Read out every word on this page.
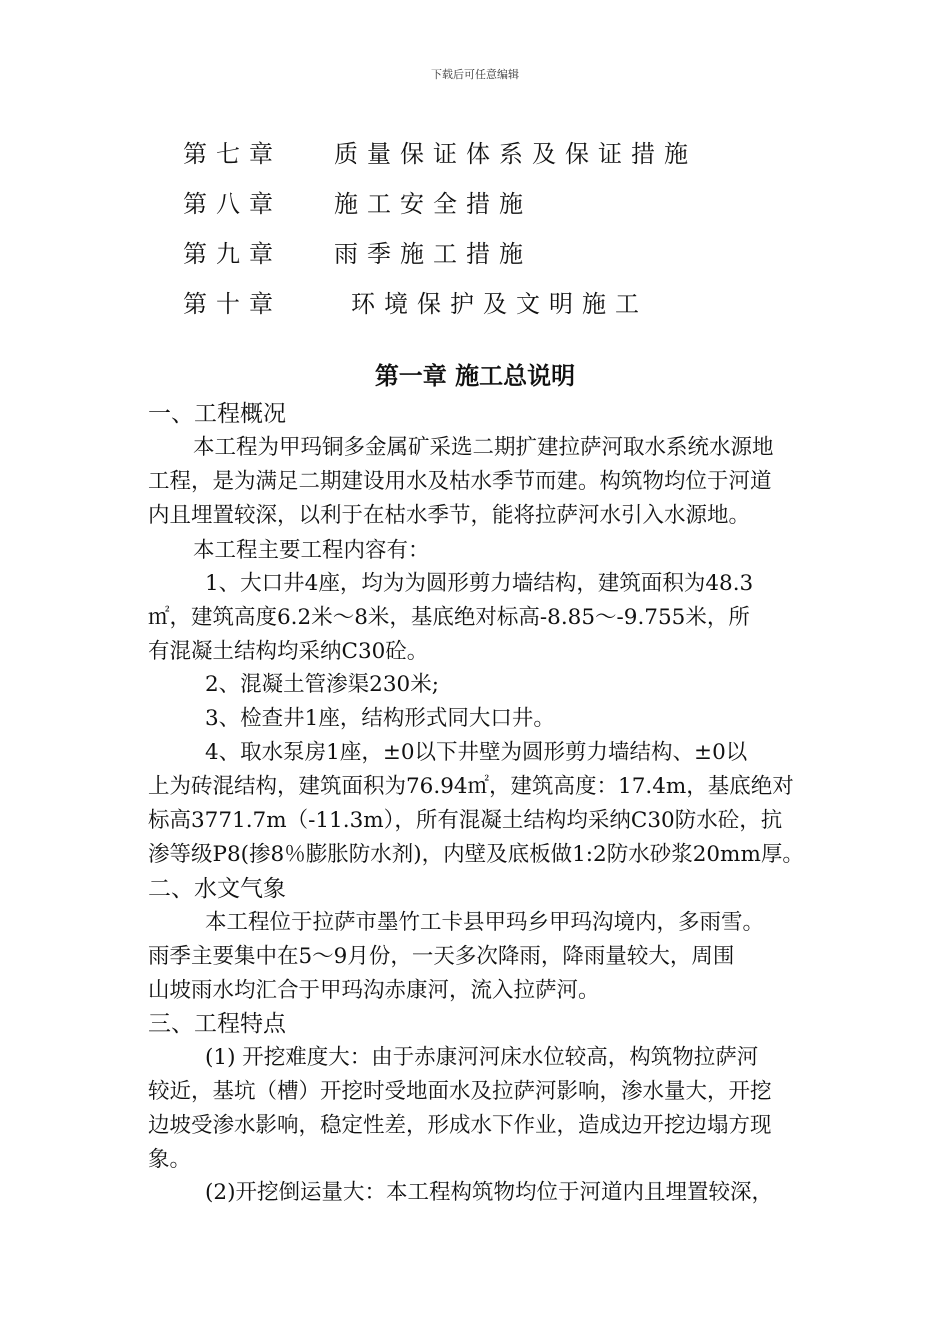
下载后可任意编辑
第七章 质量保证体系及保证措施
第八章 施工安全措施
第九章 雨季施工措施
第十章	环境保护及文明施工
第一章 施工总说明
一、工程概况
本工程为甲玛铜多金属矿采选二期扩建拉萨河取水系统水源地
工程，是为满足二期建设用水及枯水季节而建。构筑物均位于河道
内且埋置较深，以利于在枯水季节，能将拉萨河水引入水源地。
本工程主要工程内容有：
1、大口井4座，均为为圆形剪力墙结构，建筑面积为48.3
㎡，建筑高度6.2米～8米，基底绝对标高-8.85～-9.755米，所
有混凝土结构均采纳C30砼。
2、混凝土管渗渠230米;
3、检查井1座，结构形式同大口井。
4、取水泵房1座，±0以下井壁为圆形剪力墙结构、±0以
上为砖混结构，建筑面积为76.94㎡，建筑高度：17.4m，基底绝对
标高3771.7m（-11.3m），所有混凝土结构均采纳C30防水砼，抗
渗等级P8(掺8％膨胀防水剂)，内壁及底板做1:2防水砂浆20mm厚。
二、水文气象
本工程位于拉萨市墨竹工卡县甲玛乡甲玛沟境内，多雨雪。
雨季主要集中在5～9月份，一天多次降雨，降雨量较大，周围
山坡雨水均汇合于甲玛沟赤康河，流入拉萨河。
三、工程特点
(1) 开挖难度大：由于赤康河河床水位较高，构筑物拉萨河
较近，基坑（槽）开挖时受地面水及拉萨河影响，渗水量大，开挖
边坡受渗水影响，稳定性差，形成水下作业，造成边开挖边塌方现
象。
(2)开挖倒运量大：本工程构筑物均位于河道内且埋置较深，
